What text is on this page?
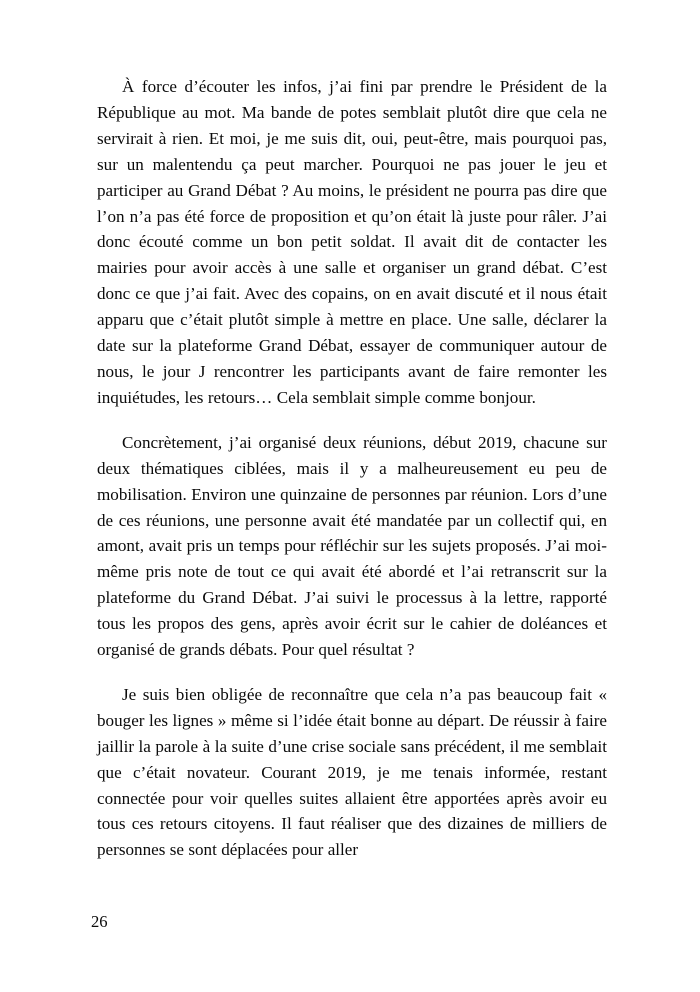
À force d’écouter les infos, j’ai fini par prendre le Président de la République au mot. Ma bande de potes semblait plutôt dire que cela ne servirait à rien. Et moi, je me suis dit, oui, peut-être, mais pourquoi pas, sur un malentendu ça peut marcher. Pourquoi ne pas jouer le jeu et participer au Grand Débat ? Au moins, le président ne pourra pas dire que l’on n’a pas été force de proposition et qu’on était là juste pour râler. J’ai donc écouté comme un bon petit soldat. Il avait dit de contacter les mairies pour avoir accès à une salle et organiser un grand débat. C’est donc ce que j’ai fait. Avec des copains, on en avait discuté et il nous était apparu que c’était plutôt simple à mettre en place. Une salle, déclarer la date sur la plateforme Grand Débat, essayer de communiquer autour de nous, le jour J rencontrer les participants avant de faire remonter les inquiétudes, les retours… Cela semblait simple comme bonjour.

Concrètement, j’ai organisé deux réunions, début 2019, chacune sur deux thématiques ciblées, mais il y a malheureusement eu peu de mobilisation. Environ une quinzaine de personnes par réunion. Lors d’une de ces réunions, une personne avait été mandatée par un collectif qui, en amont, avait pris un temps pour réfléchir sur les sujets proposés. J’ai moi-même pris note de tout ce qui avait été abordé et l’ai retranscrit sur la plateforme du Grand Débat. J’ai suivi le processus à la lettre, rapporté tous les propos des gens, après avoir écrit sur le cahier de doléances et organisé de grands débats. Pour quel résultat ?

Je suis bien obligée de reconnaître que cela n’a pas beaucoup fait « bouger les lignes » même si l’idée était bonne au départ. De réussir à faire jaillir la parole à la suite d’une crise sociale sans précédent, il me semblait que c’était novateur. Courant 2019, je me tenais informée, restant connectée pour voir quelles suites allaient être apportées après avoir eu tous ces retours citoyens. Il faut réaliser que des dizaines de milliers de personnes se sont déplacées pour aller

26
